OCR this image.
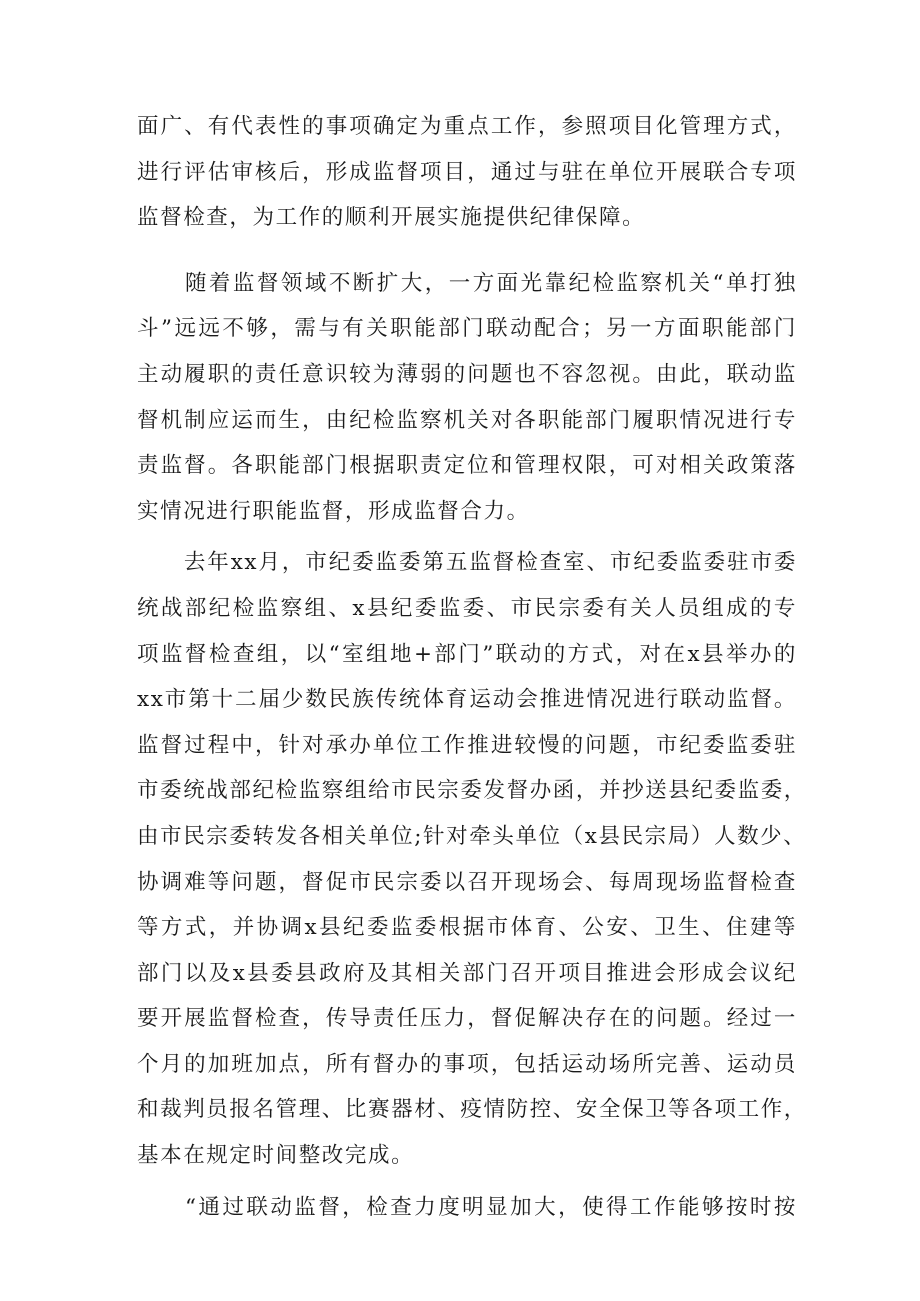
面广、有代表性的事项确定为重点工作，参照项目化管理方式，
进行评估审核后，形成监督项目，通过与驻在单位开展联合专项
监督检查，为工作的顺利开展实施提供纪律保障。
　　随着监督领域不断扩大，一方面光靠纪检监察机关“单打独
斗”远远不够，需与有关职能部门联动配合；另一方面职能部门
主动履职的责任意识较为薄弱的问题也不容忽视。由此，联动监
督机制应运而生，由纪检监察机关对各职能部门履职情况进行专
责监督。各职能部门根据职责定位和管理权限，可对相关政策落
实情况进行职能监督，形成监督合力。
　　去年xx月，市纪委监委第五监督检查室、市纪委监委驻市委
统战部纪检监察组、x县纪委监委、市民宗委有关人员组成的专
项监督检查组，以“室组地+部门”联动的方式，对在x县举办的
xx市第十二届少数民族传统体育运动会推进情况进行联动监督。
监督过程中，针对承办单位工作推进较慢的问题，市纪委监委驻
市委统战部纪检监察组给市民宗委发督办函，并抄送县纪委监委，
由市民宗委转发各相关单位;针对牵头单位（x县民宗局）人数少、
协调难等问题，督促市民宗委以召开现场会、每周现场监督检查
等方式，并协调x县纪委监委根据市体育、公安、卫生、住建等
部门以及x县委县政府及其相关部门召开项目推进会形成会议纪
要开展监督检查，传导责任压力，督促解决存在的问题。经过一
个月的加班加点，所有督办的事项，包括运动场所完善、运动员
和裁判员报名管理、比赛器材、疫情防控、安全保卫等各项工作，
基本在规定时间整改完成。
　　“通过联动监督，检查力度明显加大，使得工作能够按时按
